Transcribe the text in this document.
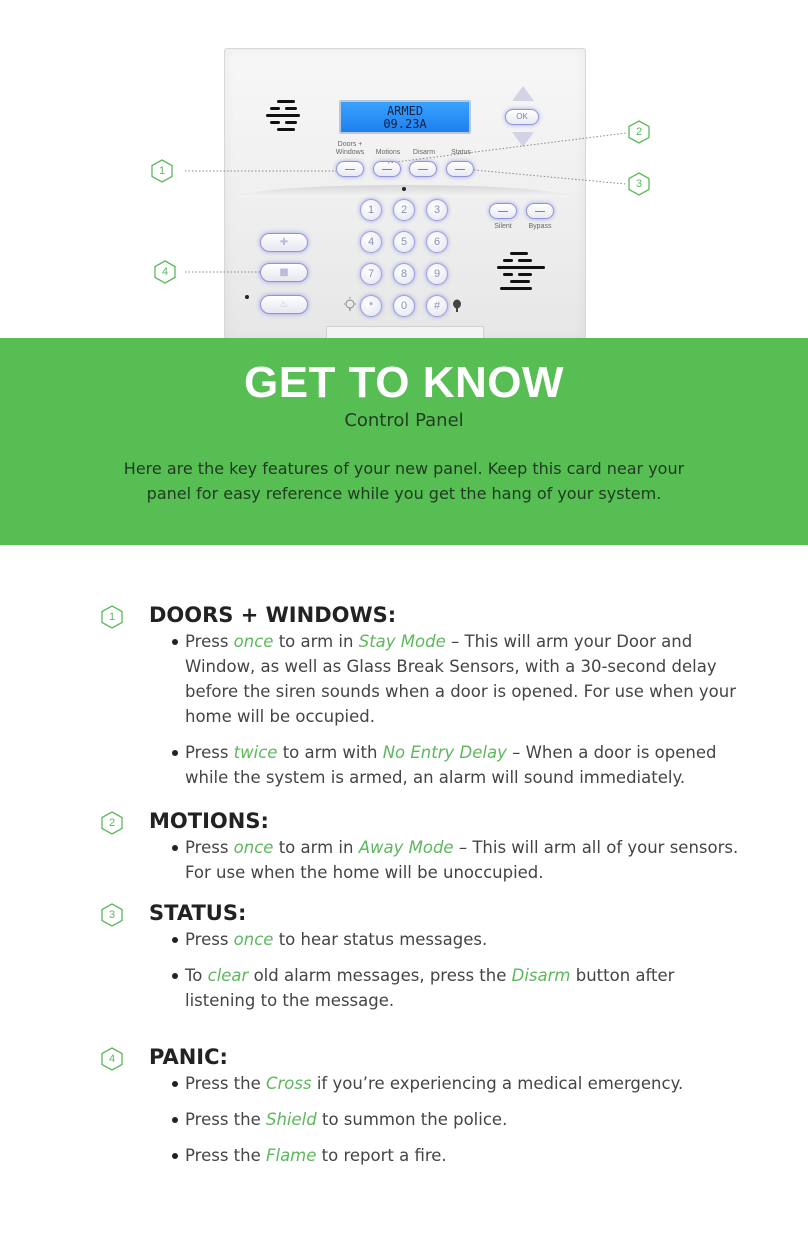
ARMED
09.23A
OK
Doors + Windows	Motions	Disarm	Status
1	2	3
4	5	6
7	8	9
*	0	#
Silent	Bypass
✚
■
♨
1
2
3
4
GET TO KNOW
Control Panel
Here are the key features of your new panel. Keep this card near your panel for easy reference while you get the hang of your system.
1	DOORS + WINDOWS:
Press once to arm in Stay Mode – This will arm your Door and Window, as well as Glass Break Sensors, with a 30-second delay before the siren sounds when a door is opened. For use when your home will be occupied.
Press twice to arm with No Entry Delay – When a door is opened while the system is armed, an alarm will sound immediately.
2	MOTIONS:
Press once to arm in Away Mode – This will arm all of your sensors. For use when the home will be unoccupied.
3	STATUS:
Press once to hear status messages.
To clear old alarm messages, press the Disarm button after listening to the message.
4	PANIC:
Press the Cross if you’re experiencing a medical emergency.
Press the Shield to summon the police.
Press the Flame to report a fire.
